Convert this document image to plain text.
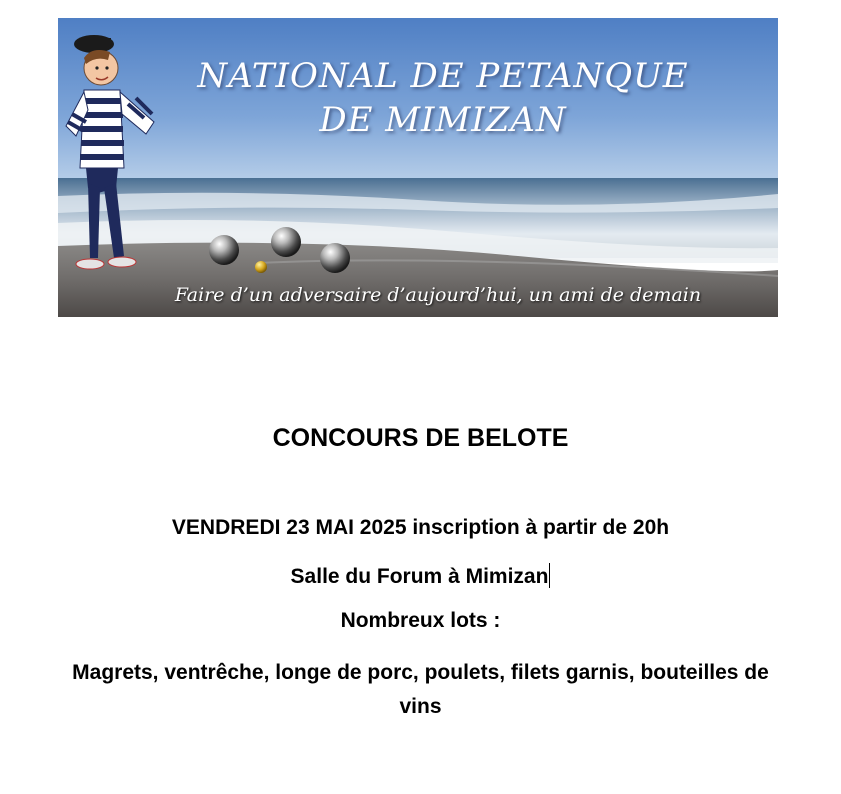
NATIONAL DE PETANQUE
DE MIMIZAN
Faire d’un adversaire d’aujourd’hui, un ami de demain
CONCOURS DE BELOTE
VENDREDI 23 MAI 2025 inscription à partir de 20h
Salle du Forum à Mimizan
Nombreux lots :
Magrets, ventrêche, longe de porc, poulets, filets garnis, bouteilles de vins
